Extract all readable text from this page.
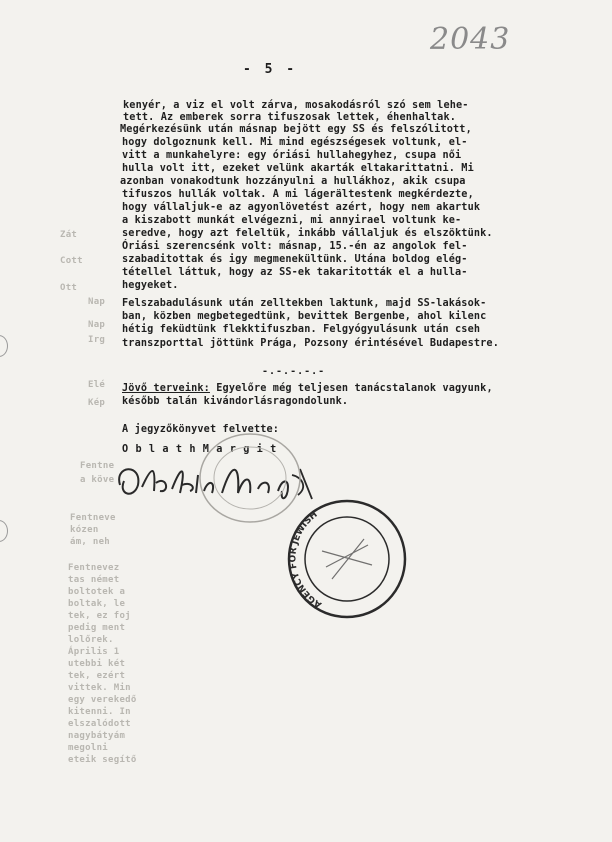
2043
- 5 -
Nap
Nap
Irg
Elé
Kép
Zát
Cott
Ott
kenyér, a viz el volt zárva, mosakodásról szó sem lehe-
tett. Az emberek sorra tifuszosak lettek, éhenhaltak.
Megérkezésünk után másnap bejött egy SS és felszólitott,
hogy dolgoznunk kell. Mi mind egészségesek voltunk, el-
vitt a munkahelyre: egy óriási hullahegyhez, csupa női
hulla volt itt, ezeket velünk akarták eltakarittatni. Mi
azonban vonakodtunk hozzányulni a hullákhoz, akik csupa
tifuszos hullák voltak. A mi lágerältestenk megkérdezte,
hogy vállaljuk-e az agyonlövetést azért, hogy nem akartuk
a kiszabott munkát elvégezni, mi annyirael voltunk ke-
seredve, hogy azt feleltük, inkább vállaljuk és elszöktünk.
Óriási szerencsénk volt: másnap, 15.-én az angolok fel-
szabaditottak és igy megmenekültünk. Utána boldog elég-
tétellel láttuk, hogy az SS-ek takaritották el a hulla-
hegyeket.
Felszabadulásunk után zelltekben laktunk, majd SS-lakások-
ban, közben megbetegedtünk, bevittek Bergenbe, ahol kilenc
hétig feküdtünk flekktifuszban. Felgyógyulásunk után cseh
transzporttal jöttünk Prága, Pozsony érintésével Budapestre.
-.-.-.-.-
Jövő terveink: Egyelőre még teljesen tanácstalanok vagyunk,
később talán kivándorlásragondolunk.
A jegyzőkönyvet felvette:
O b l a t h M a r g i t
Fentne
a köve
Fentneve
kózen
ám, neh
Fentnevez
tas német
boltotek a
boltak, le
tek, ez foj
pedig ment
lolőrek.
Április 1
utebbi két
tek, ezért
vittek. Min
egy verekedő
kitenni. In
elszalódott
nagybátyám
megolni
eteik segítő
AGENCY FOR JEWISH
